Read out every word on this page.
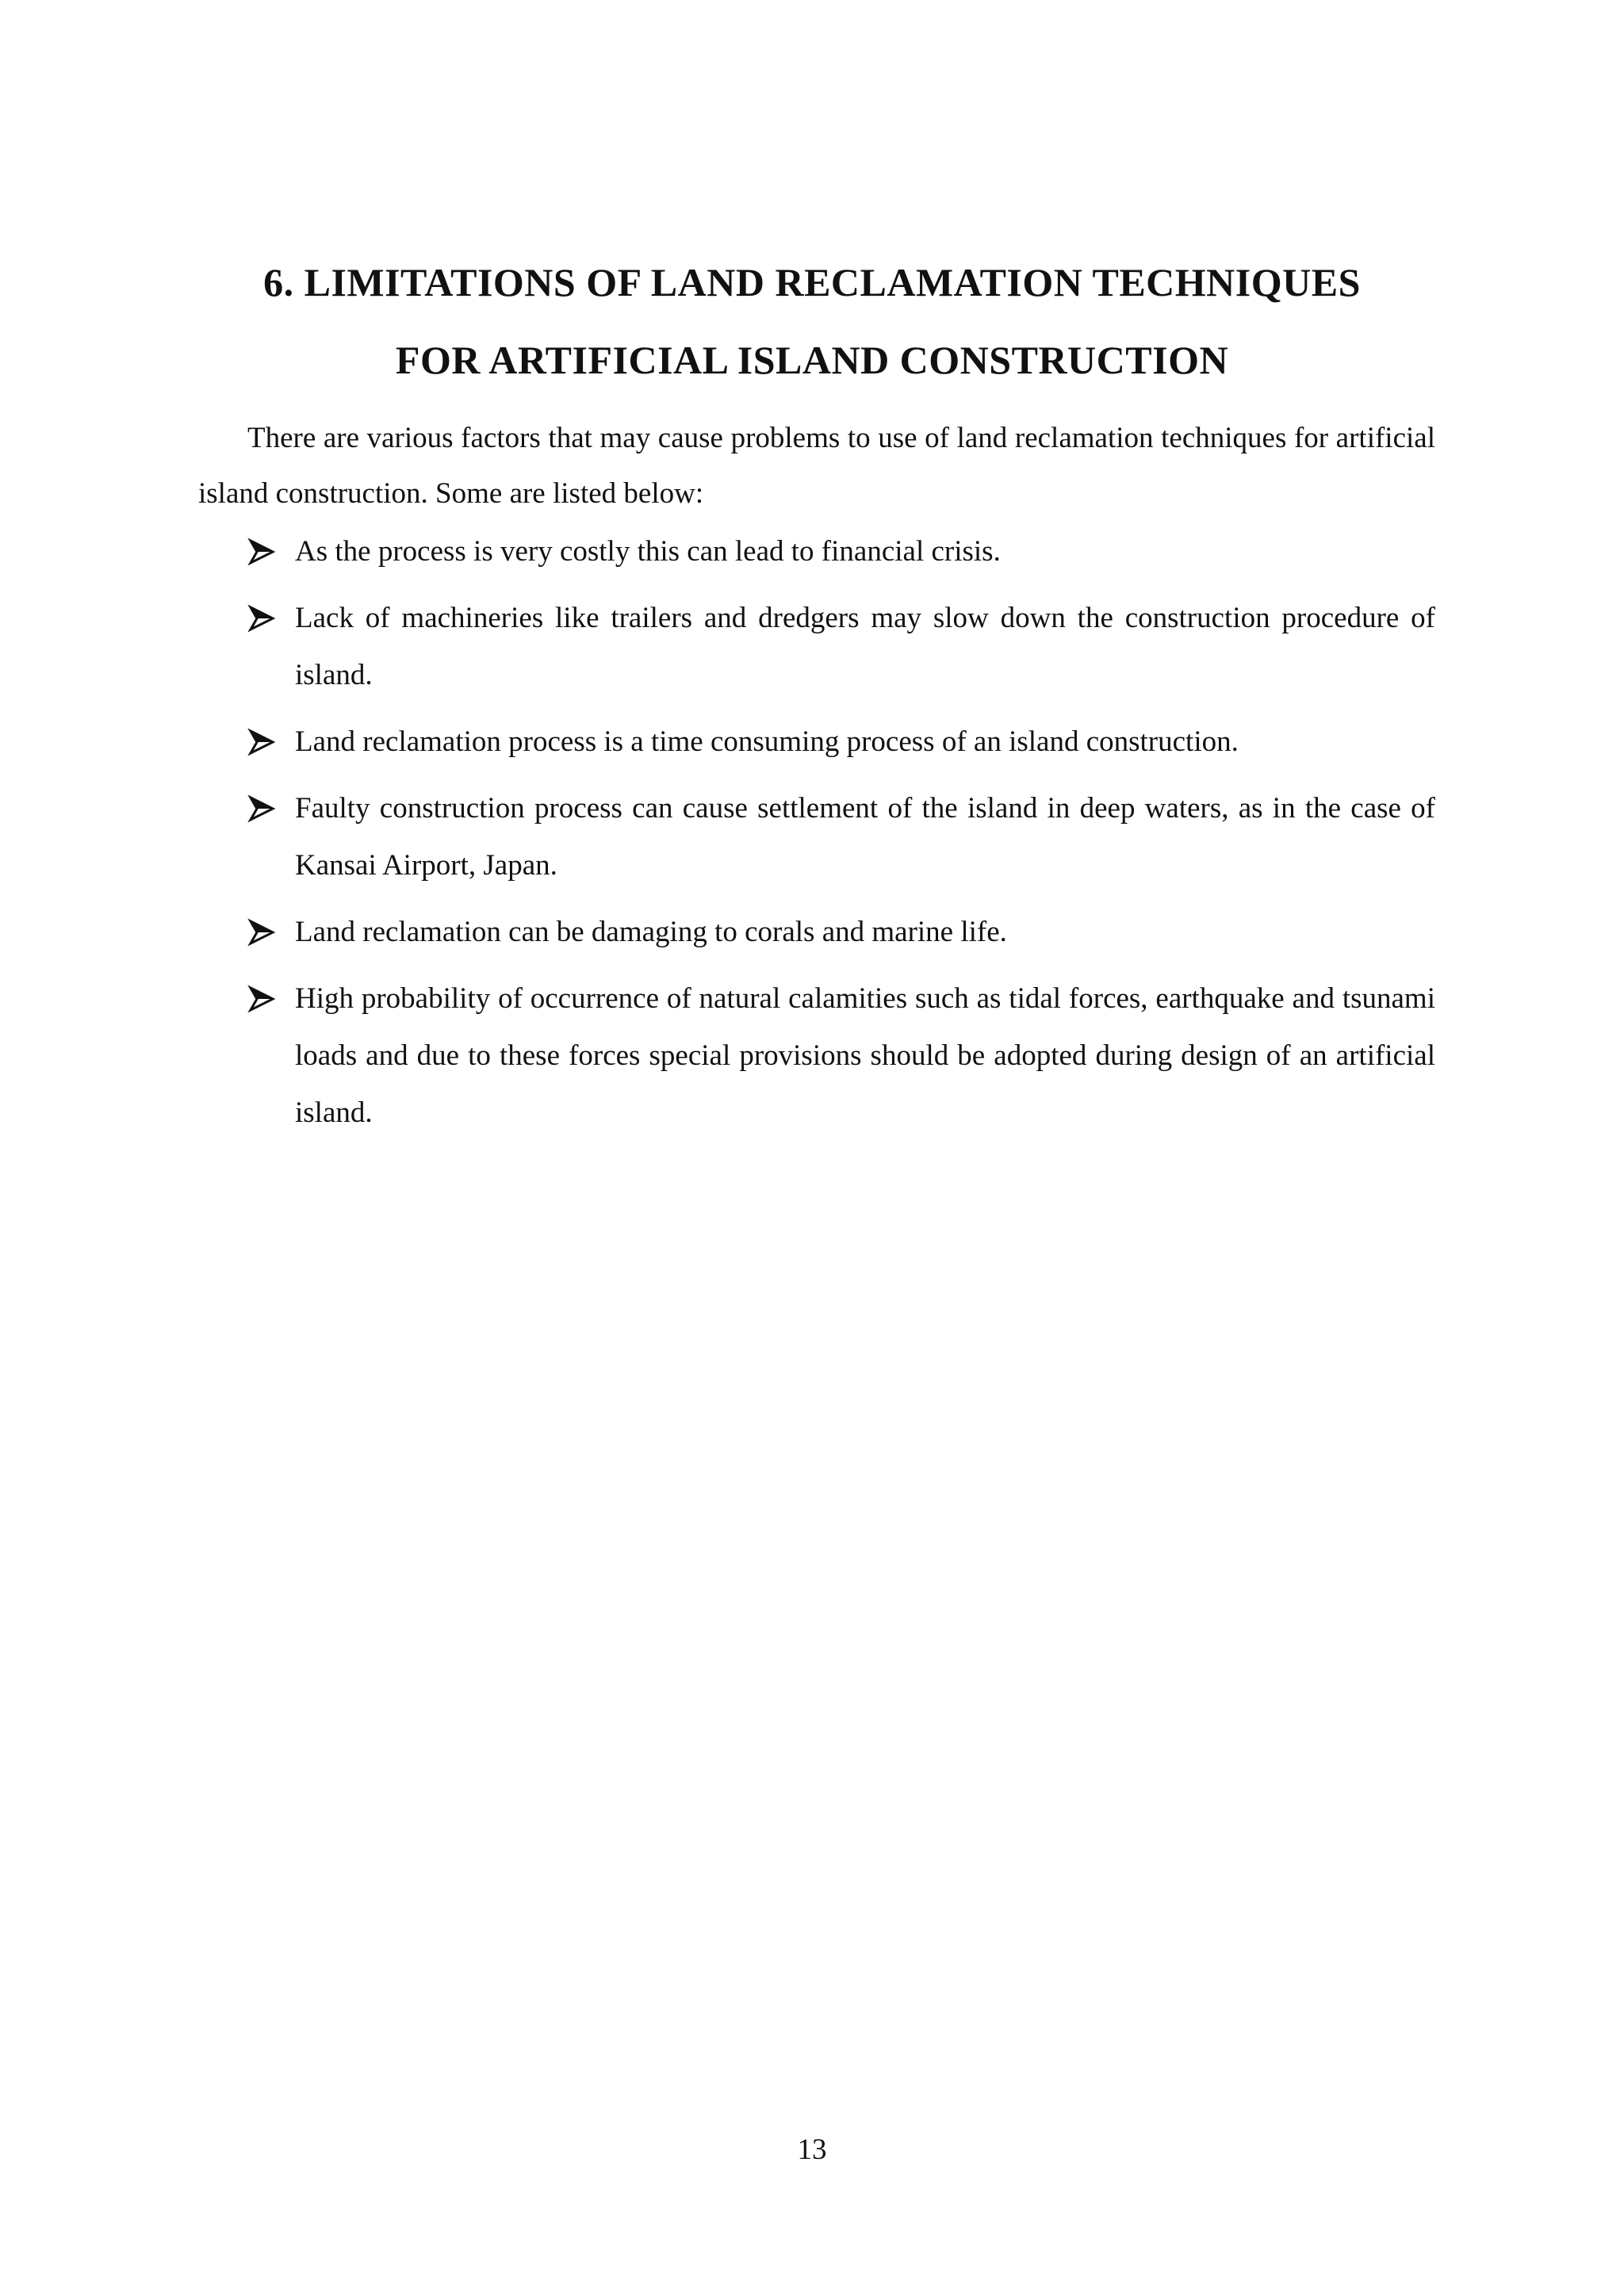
6. LIMITATIONS OF LAND RECLAMATION TECHNIQUES
FOR ARTIFICIAL ISLAND CONSTRUCTION

There are various factors that may cause problems to use of land reclamation techniques for artificial island construction. Some are listed below:

As the process is very costly this can lead to financial crisis.
Lack of machineries like trailers and dredgers may slow down the construction procedure of island.
Land reclamation process is a time consuming process of an island construction.
Faulty construction process can cause settlement of the island in deep waters, as in the case of Kansai Airport, Japan.
Land reclamation can be damaging to corals and marine life.
High probability of occurrence of natural calamities such as tidal forces, earthquake and tsunami loads and due to these forces special provisions should be adopted during design of an artificial island.

13
